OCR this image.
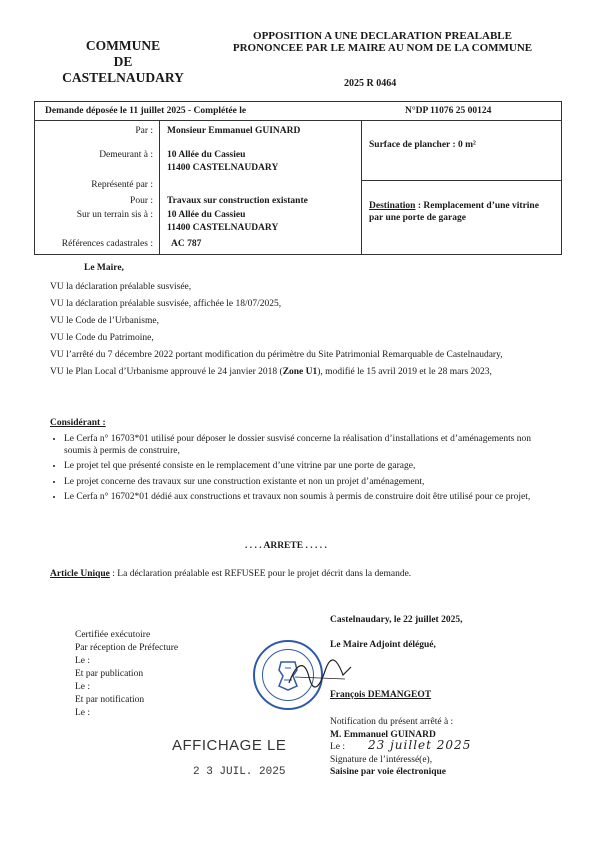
COMMUNE
DE
CASTELNAUDARY
OPPOSITION A UNE DECLARATION PREALABLE
PRONONCEE PAR LE MAIRE AU NOM DE LA COMMUNE
2025 R 0464
Demande déposée le 11 juillet 2025 - Complétée le	N°DP 11076 25 00124
Par :
Demeurant à :
Représenté par :
Pour :
Sur un terrain sis à :
Références cadastrales :
Monsieur Emmanuel GUINARD
10 Allée du Cassieu
11400 CASTELNAUDARY
Travaux sur construction existante
10 Allée du Cassieu
11400 CASTELNAUDARY
AC 787
Surface de plancher : 0 m²
Destination : Remplacement d’une vitrine par une porte de garage
Le Maire,
VU la déclaration préalable susvisée,
VU la déclaration préalable susvisée, affichée le 18/07/2025,
VU le Code de l’Urbanisme,
VU le Code du Patrimoine,
VU l’arrêté du 7 décembre 2022 portant modification du périmètre du Site Patrimonial Remarquable de Castelnaudary,
VU le Plan Local d’Urbanisme approuvé le 24 janvier 2018 (Zone U1), modifié le 15 avril 2019 et le 28 mars 2023,
Considérant :
• Le Cerfa n° 16703*01 utilisé pour déposer le dossier susvisé concerne la réalisation d’installations et d’aménagements non soumis à permis de construire,
• Le projet tel que présenté consiste en le remplacement d’une vitrine par une porte de garage,
• Le projet concerne des travaux sur une construction existante et non un projet d’aménagement,
• Le Cerfa n° 16702*01 dédié aux constructions et travaux non soumis à permis de construire doit être utilisé pour ce projet,
. . . . ARRETE . . . . .
Article Unique : La déclaration préalable est REFUSEE pour le projet décrit dans la demande.
Castelnaudary, le 22 juillet 2025,
Le Maire Adjoint délégué,
François DEMANGEOT
Certifiée exécutoire
Par réception de Préfecture
Le :
Et par publication
Le :
Et par notification
Le :
Notification du présent arrêté à :
M. Emmanuel GUINARD
Le :
Signature de l’intéressé(e),
Saisine par voie électronique
23 juillet 2025
AFFICHAGE LE
2 3 JUIL. 2025
